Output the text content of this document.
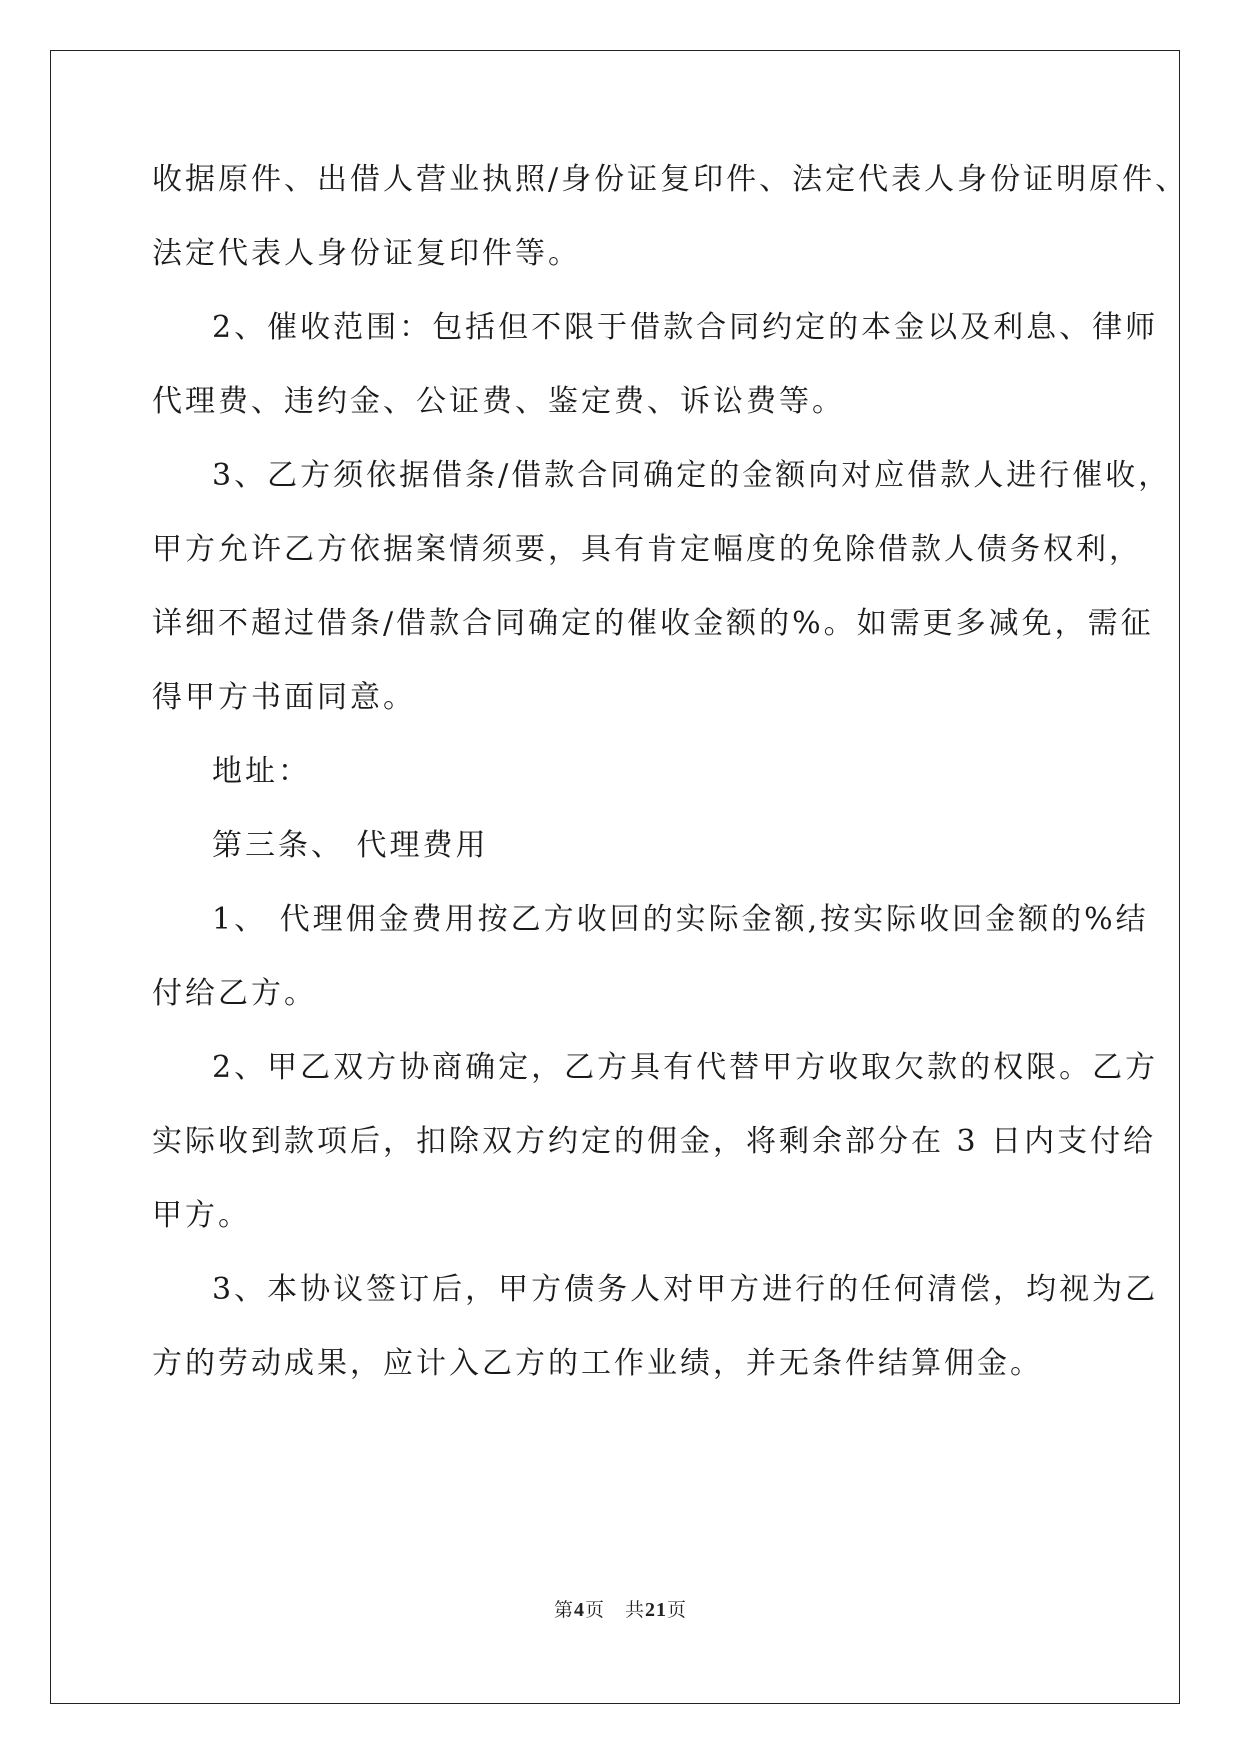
收据原件、出借人营业执照/身份证复印件、法定代表人身份证明原件、
法定代表人身份证复印件等。
2、催收范围：包括但不限于借款合同约定的本金以及利息、律师
代理费、违约金、公证费、鉴定费、诉讼费等。
3、乙方须依据借条/借款合同确定的金额向对应借款人进行催收，
甲方允许乙方依据案情须要，具有肯定幅度的免除借款人债务权利，
详细不超过借条/借款合同确定的催收金额的%。如需更多减免，需征
得甲方书面同意。
地址：
第三条、 代理费用
1、 代理佣金费用按乙方收回的实际金额,按实际收回金额的%结
付给乙方。
2、甲乙双方协商确定，乙方具有代替甲方收取欠款的权限。乙方
实际收到款项后，扣除双方约定的佣金，将剩余部分在 3 日内支付给
甲方。
3、本协议签订后，甲方债务人对甲方进行的任何清偿，均视为乙
方的劳动成果，应计入乙方的工作业绩，并无条件结算佣金。
第4页 共21页
